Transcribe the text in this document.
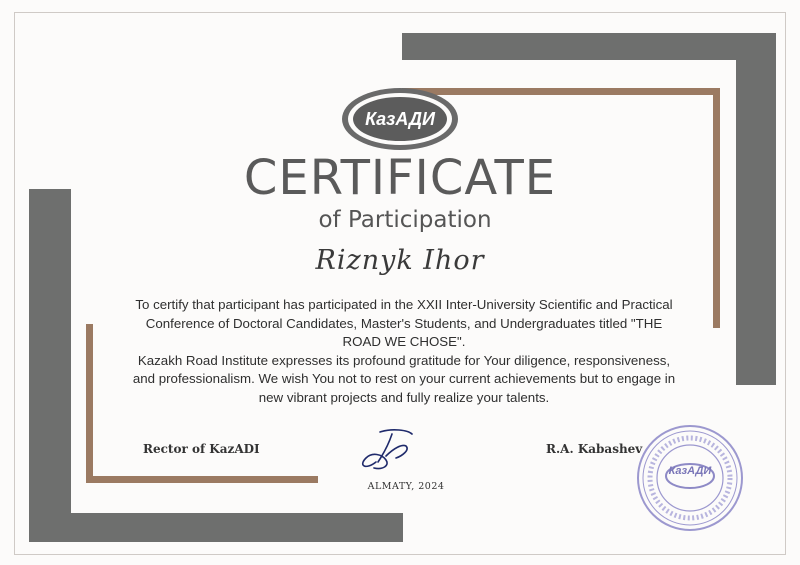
КазАДИ
CERTIFICATE
of Participation
Riznyk Ihor

To certify that participant has participated in the XXII Inter-University Scientific and Practical Conference of Doctoral Candidates, Master's Students, and Undergraduates titled "THE ROAD WE CHOSE".

Kazakh Road Institute expresses its profound gratitude for Your diligence, responsiveness, and professionalism. We wish You not to rest on your current achievements but to engage in new vibrant projects and fully realize your talents.

Rector of KazADI	R.A. Kabashev
ALMATY, 2024
КазАДИ
